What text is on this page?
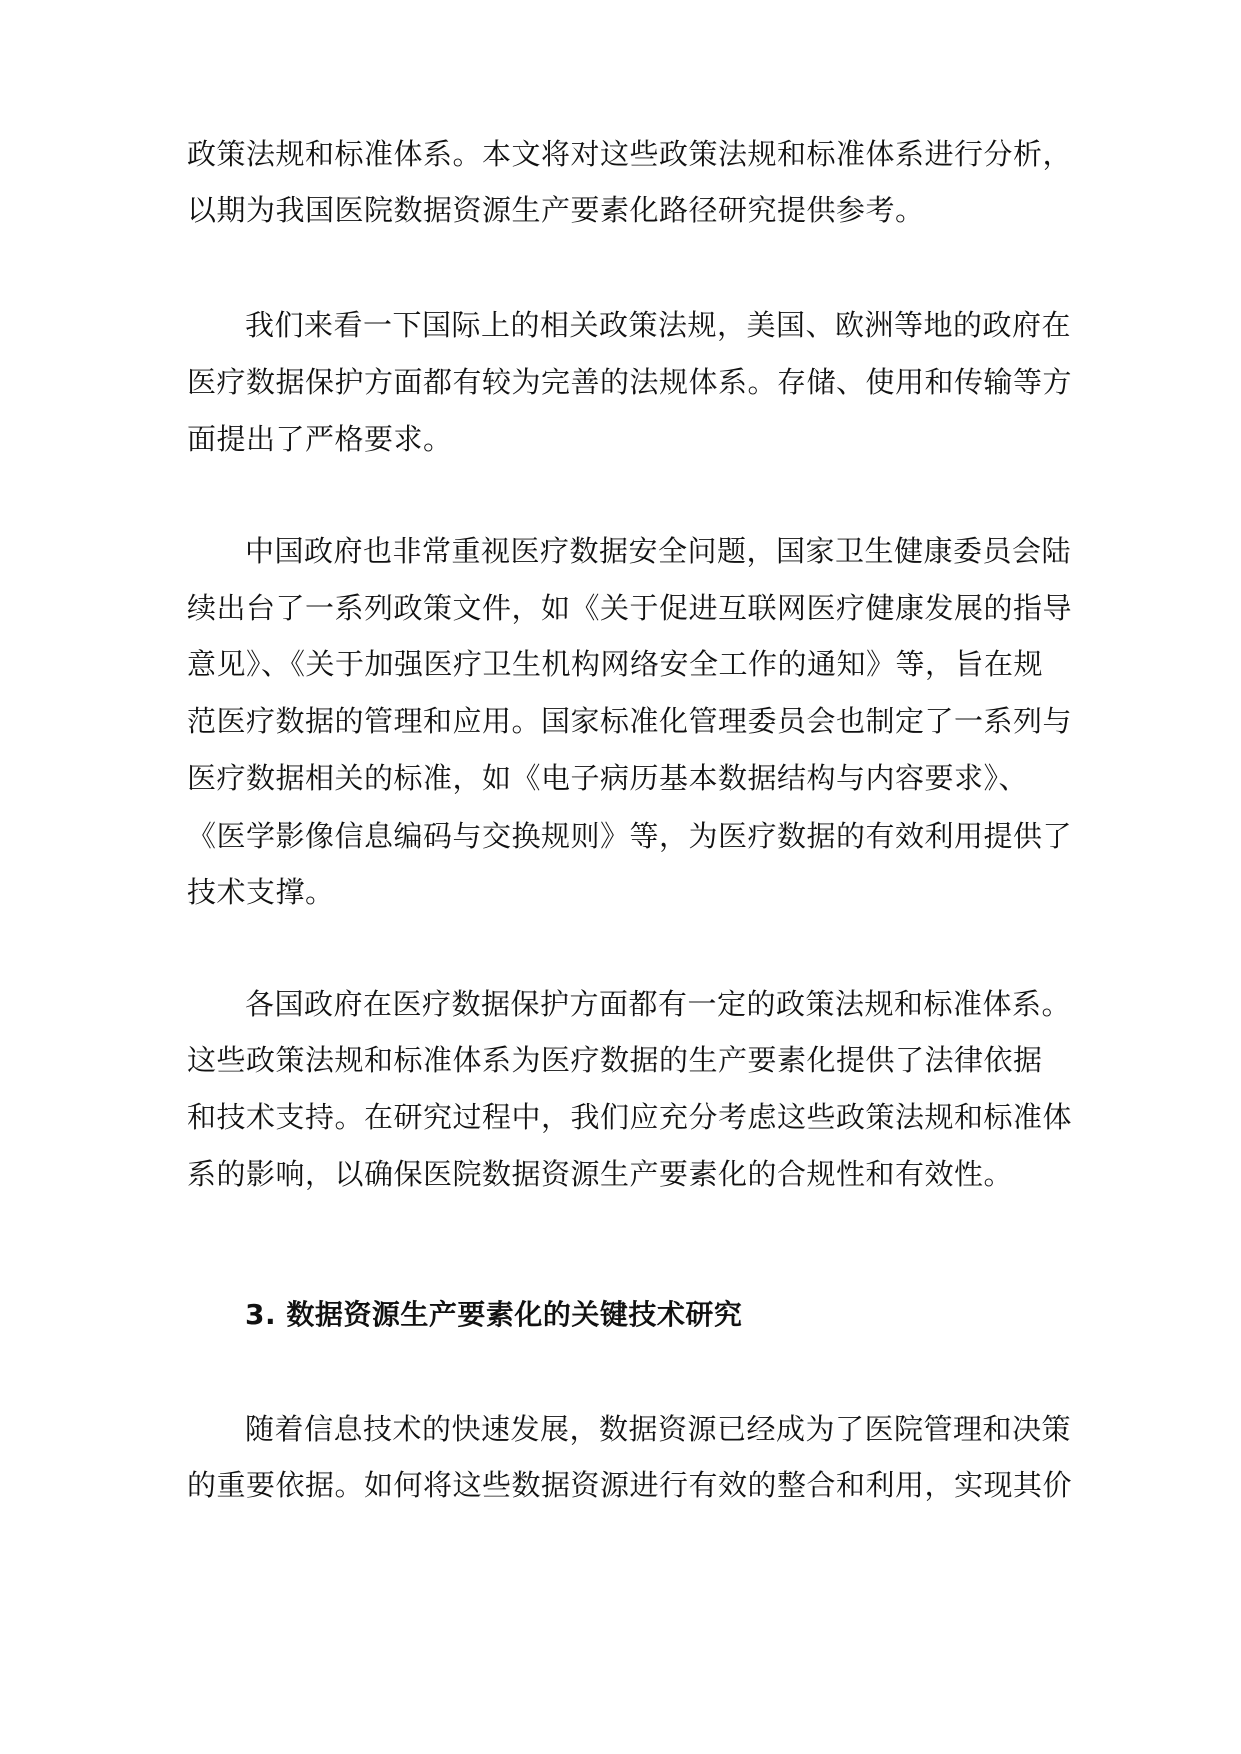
政策法规和标准体系。本文将对这些政策法规和标准体系进行分析，
以期为我国医院数据资源生产要素化路径研究提供参考。
我们来看一下国际上的相关政策法规，美国、欧洲等地的政府在
医疗数据保护方面都有较为完善的法规体系。存储、使用和传输等方
面提出了严格要求。
中国政府也非常重视医疗数据安全问题，国家卫生健康委员会陆
续出台了一系列政策文件，如《关于促进互联网医疗健康发展的指导
意见》、《关于加强医疗卫生机构网络安全工作的通知》等，旨在规
范医疗数据的管理和应用。国家标准化管理委员会也制定了一系列与
医疗数据相关的标准，如《电子病历基本数据结构与内容要求》、
《医学影像信息编码与交换规则》等，为医疗数据的有效利用提供了
技术支撑。
各国政府在医疗数据保护方面都有一定的政策法规和标准体系。
这些政策法规和标准体系为医疗数据的生产要素化提供了法律依据
和技术支持。在研究过程中，我们应充分考虑这些政策法规和标准体
系的影响，以确保医院数据资源生产要素化的合规性和有效性。
3. 数据资源生产要素化的关键技术研究
随着信息技术的快速发展，数据资源已经成为了医院管理和决策
的重要依据。如何将这些数据资源进行有效的整合和利用，实现其价
